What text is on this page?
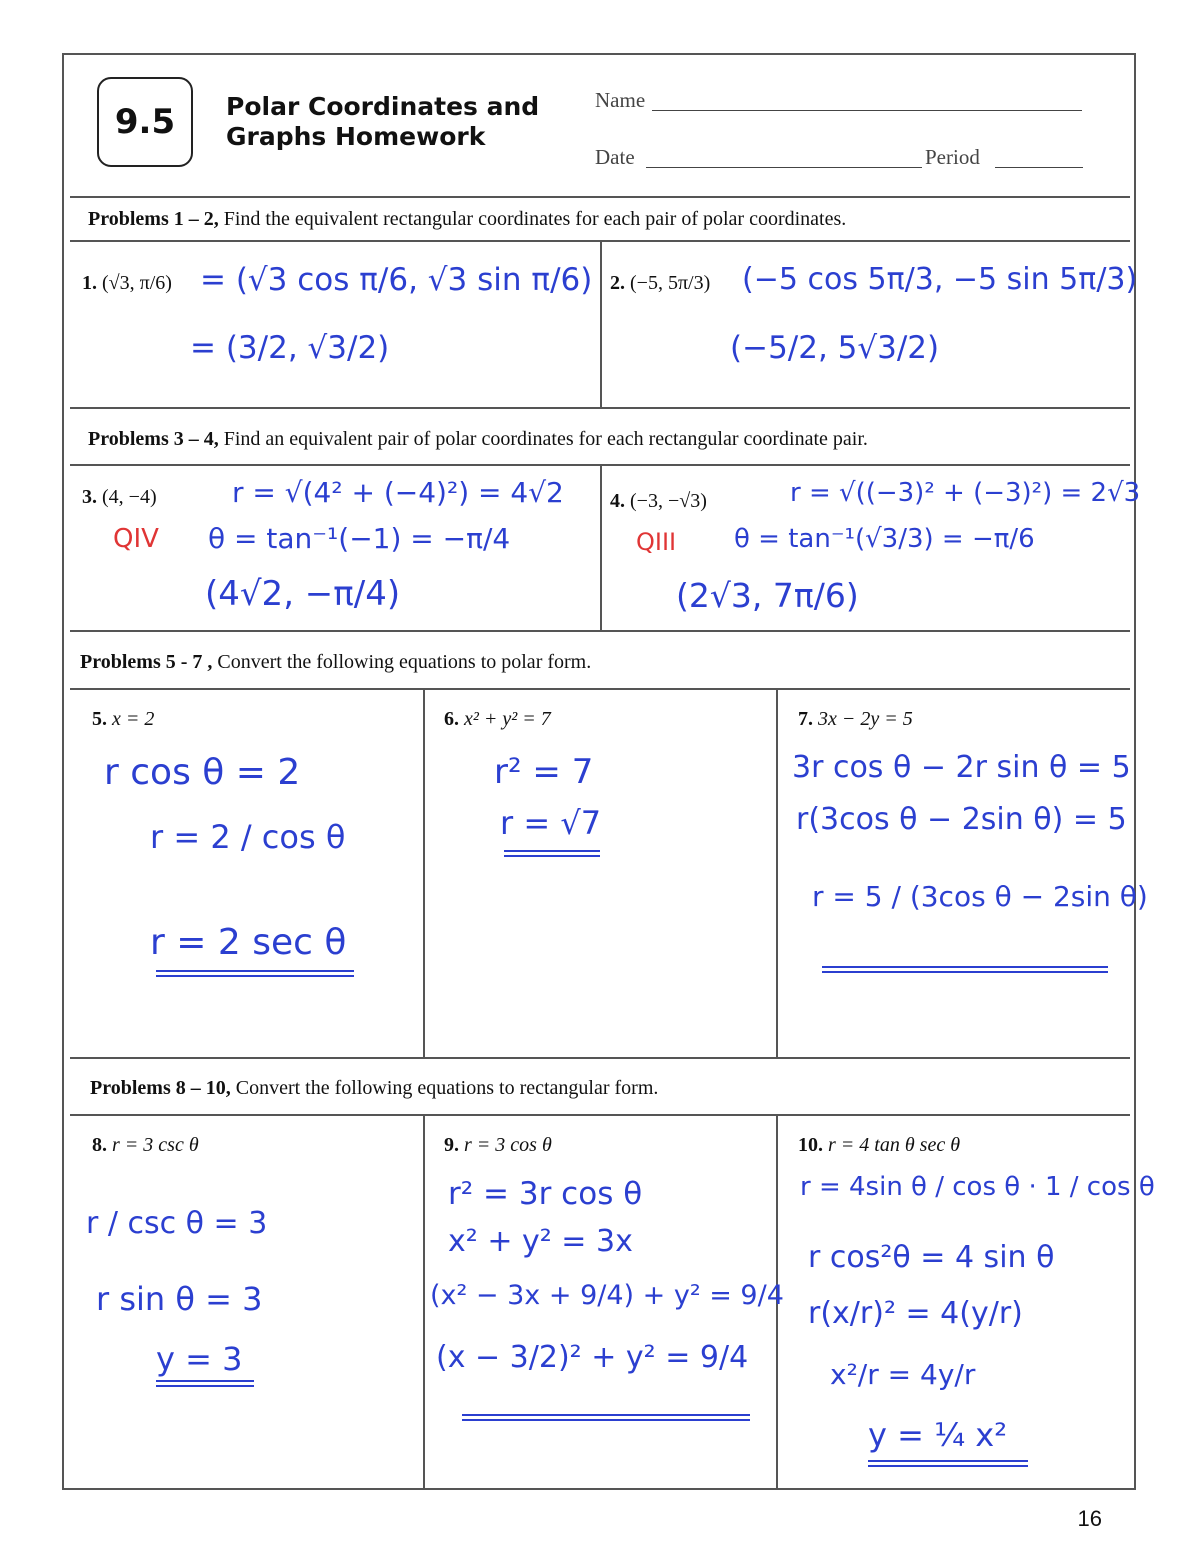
9.5	Polar Coordinates and Graphs Homework
Name
Date	Period
Problems 1 – 2, Find the equivalent rectangular coordinates for each pair of polar coordinates.
1. (√3, π/6) = (√3 cos π/6, √3 sin π/6)
= (3/2, √3/2)
2. (−5, 5π/3) (−5 cos 5π/3, −5 sin 5π/3)
(−5/2, 5√3/2)
Problems 3 – 4, Find an equivalent pair of polar coordinates for each rectangular coordinate pair.
3. (4, −4)	r = √(4² + (−4)²) = 4√2
QIV θ = tan⁻¹(−1) = −π/4
(4√2, −π/4)
4. (−3, −√3)	r = √((−3)² + (−3)²) = 2√3
QIII θ = tan⁻¹(√3/3) = −π/6
(2√3, 7π/6)
Problems 5 - 7 , Convert the following equations to polar form.
5. x = 2
r cos θ = 2
r = 2 / cos θ
r = 2 sec θ
6. x² + y² = 7
r² = 7
r = √7
7. 3x − 2y = 5
3r cos θ − 2r sin θ = 5
r(3cos θ − 2sin θ) = 5
r = 5 / (3cos θ − 2sin θ)
Problems 8 – 10, Convert the following equations to rectangular form.
8. r = 3 csc θ
r / csc θ = 3
r sin θ = 3
y = 3
9. r = 3 cos θ
r² = 3r cos θ
x² + y² = 3x
(x² − 3x + 9/4) + y² = 9/4
(x − 3/2)² + y² = 9/4
10. r = 4 tan θ sec θ
r = 4sin θ / cos θ · 1 / cos θ
r cos²θ = 4 sin θ
r(x/r)² = 4(y/r)
x²/r = 4y/r
y = ¼ x²
16
